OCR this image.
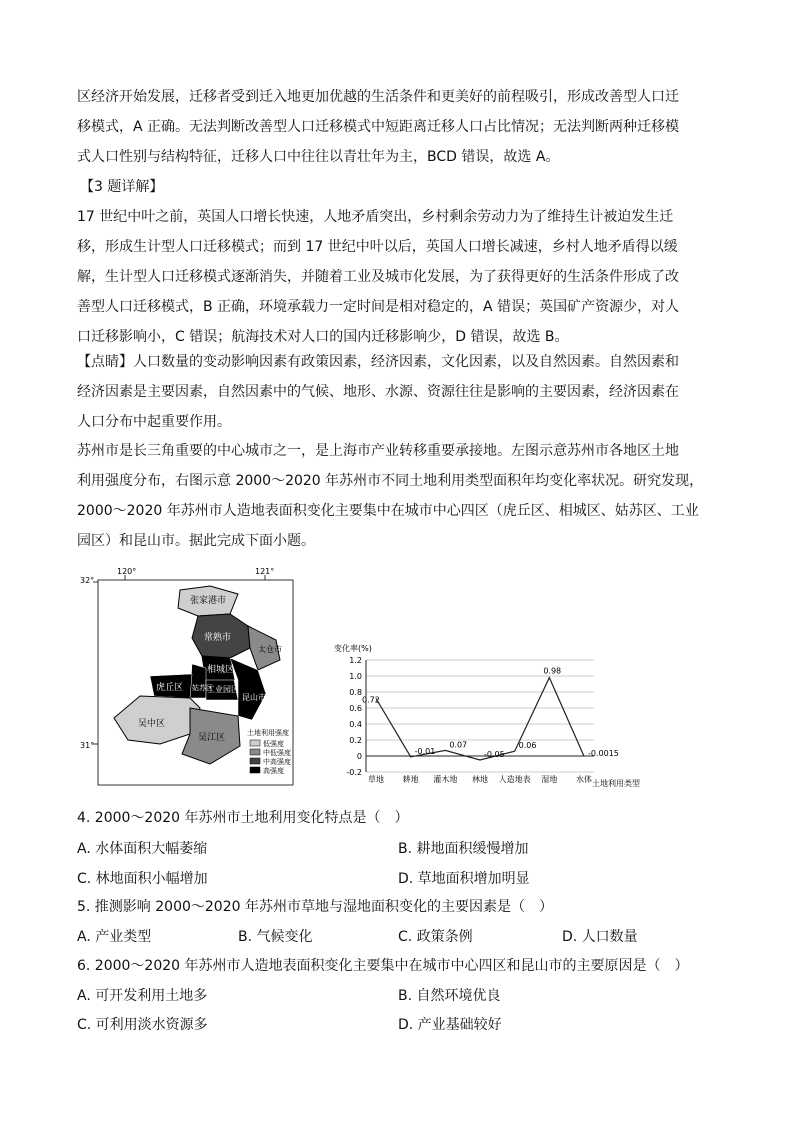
区经济开始发展，迁移者受到迁入地更加优越的生活条件和更美好的前程吸引，形成改善型人口迁
移模式，A 正确。无法判断改善型人口迁移模式中短距离迁移人口占比情况；无法判断两种迁移模
式人口性别与结构特征，迁移人口中往往以青壮年为主，BCD 错误，故选 A。
【3 题详解】
17 世纪中叶之前，英国人口增长快速，人地矛盾突出，乡村剩余劳动力为了维持生计被迫发生迁
移，形成生计型人口迁移模式；而到 17 世纪中叶以后，英国人口增长减速，乡村人地矛盾得以缓
解，生计型人口迁移模式逐渐消失，并随着工业及城市化发展，为了获得更好的生活条件形成了改
善型人口迁移模式，B 正确，环境承载力一定时间是相对稳定的，A 错误；英国矿产资源少，对人
口迁移影响小，C 错误；航海技术对人口的国内迁移影响少，D 错误，故选 B。
【点睛】人口数量的变动影响因素有政策因素，经济因素，文化因素，以及自然因素。自然因素和
经济因素是主要因素，自然因素中的气候、地形、水源、资源往往是影响的主要因素，经济因素在
人口分布中起重要作用。
苏州市是长三角重要的中心城市之一，是上海市产业转移重要承接地。左图示意苏州市各地区土地
利用强度分布，右图示意 2000～2020 年苏州市不同土地利用类型面积年均变化率状况。研究发现，
2000～2020 年苏州市人造地表面积变化主要集中在城市中心四区（虎丘区、相城区、姑苏区、工业
园区）和昆山市。据此完成下面小题。
120°	121°
32°
31°
张家港市
常熟市
太仓市
相城区
姑苏区
工业园区
虎丘区
昆山市
吴中区
吴江区	土地利用强度
低强度
中低强度
中高强度
高强度
变化率(%)
1.2
1.0
0.8
0.6
0.4
0.2
0
-0.2
草地 耕地 灌木地 林地 人造地表 湿地 水体
0.72
-0.01
0.07
-0.05
0.06
0.98
-0.0015
土地利用类型
4. 2000～2020 年苏州市土地利用变化特点是（　）
A. 水体面积大幅萎缩	B. 耕地面积缓慢增加
C. 林地面积小幅增加	D. 草地面积增加明显
5. 推测影响 2000～2020 年苏州市草地与湿地面积变化的主要因素是（　）
A. 产业类型	B. 气候变化	C. 政策条例	D. 人口数量
6. 2000～2020 年苏州市人造地表面积变化主要集中在城市中心四区和昆山市的主要原因是（　）
A. 可开发利用土地多	B. 自然环境优良
C. 可利用淡水资源多	D. 产业基础较好
